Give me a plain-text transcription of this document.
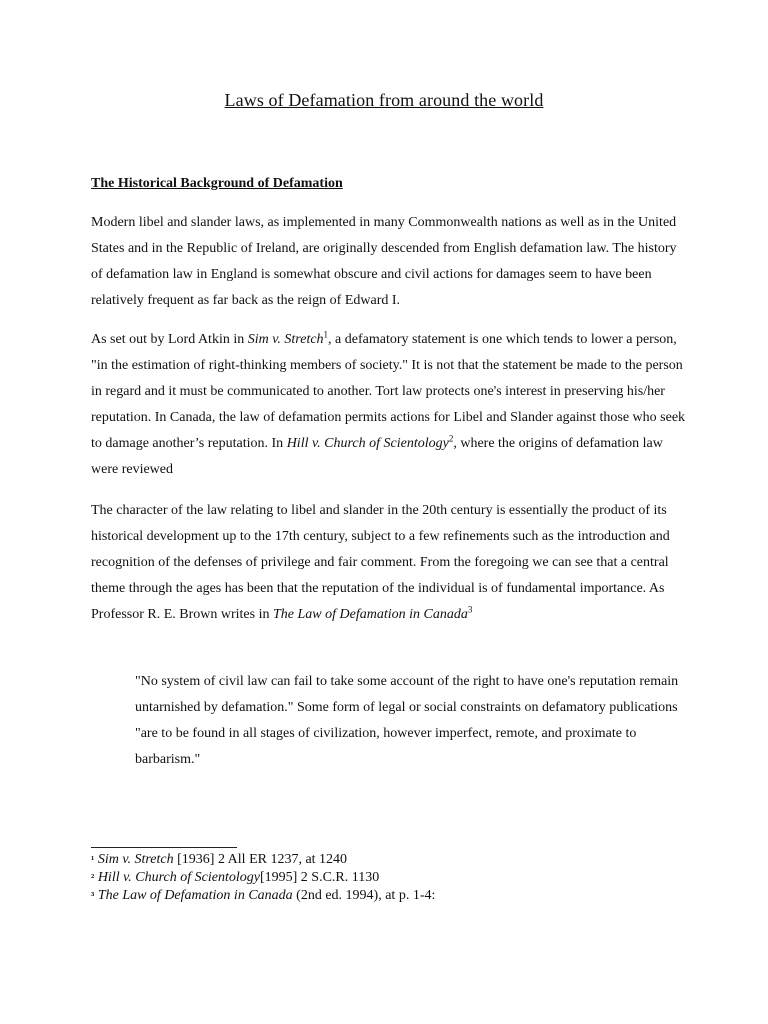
Laws of Defamation from around the world
The Historical Background of Defamation
Modern libel and slander laws, as implemented in many Commonwealth nations as well as in the United States and in the Republic of Ireland, are originally descended from English defamation law. The history of defamation law in England is somewhat obscure and civil actions for damages seem to have been relatively frequent as far back as the reign of Edward I.
As set out by Lord Atkin in Sim v. Stretch$^1$, a defamatory statement is one which tends to lower a person, "in the estimation of right-thinking members of society." It is not that the statement be made to the person in regard and it must be communicated to another. Tort law protects one's interest in preserving his/her reputation. In Canada, the law of defamation permits actions for Libel and Slander against those who seek to damage another’s reputation. In Hill v. Church of Scientology$^2$, where the origins of defamation law were reviewed
The character of the law relating to libel and slander in the 20th century is essentially the product of its historical development up to the 17th century, subject to a few refinements such as the introduction and recognition of the defenses of privilege and fair comment. From the foregoing we can see that a central theme through the ages has been that the reputation of the individual is of fundamental importance. As Professor R. E. Brown writes in The Law of Defamation in Canada$^3$
"No system of civil law can fail to take some account of the right to have one's reputation remain untarnished by defamation." Some form of legal or social constraints on defamatory publications "are to be found in all stages of civilization, however imperfect, remote, and proximate to barbarism."
¹ Sim v. Stretch [1936] 2 All ER 1237, at 1240
² Hill v. Church of Scientology[1995] 2 S.C.R. 1130
³ The Law of Defamation in Canada (2nd ed. 1994), at p. 1-4:
